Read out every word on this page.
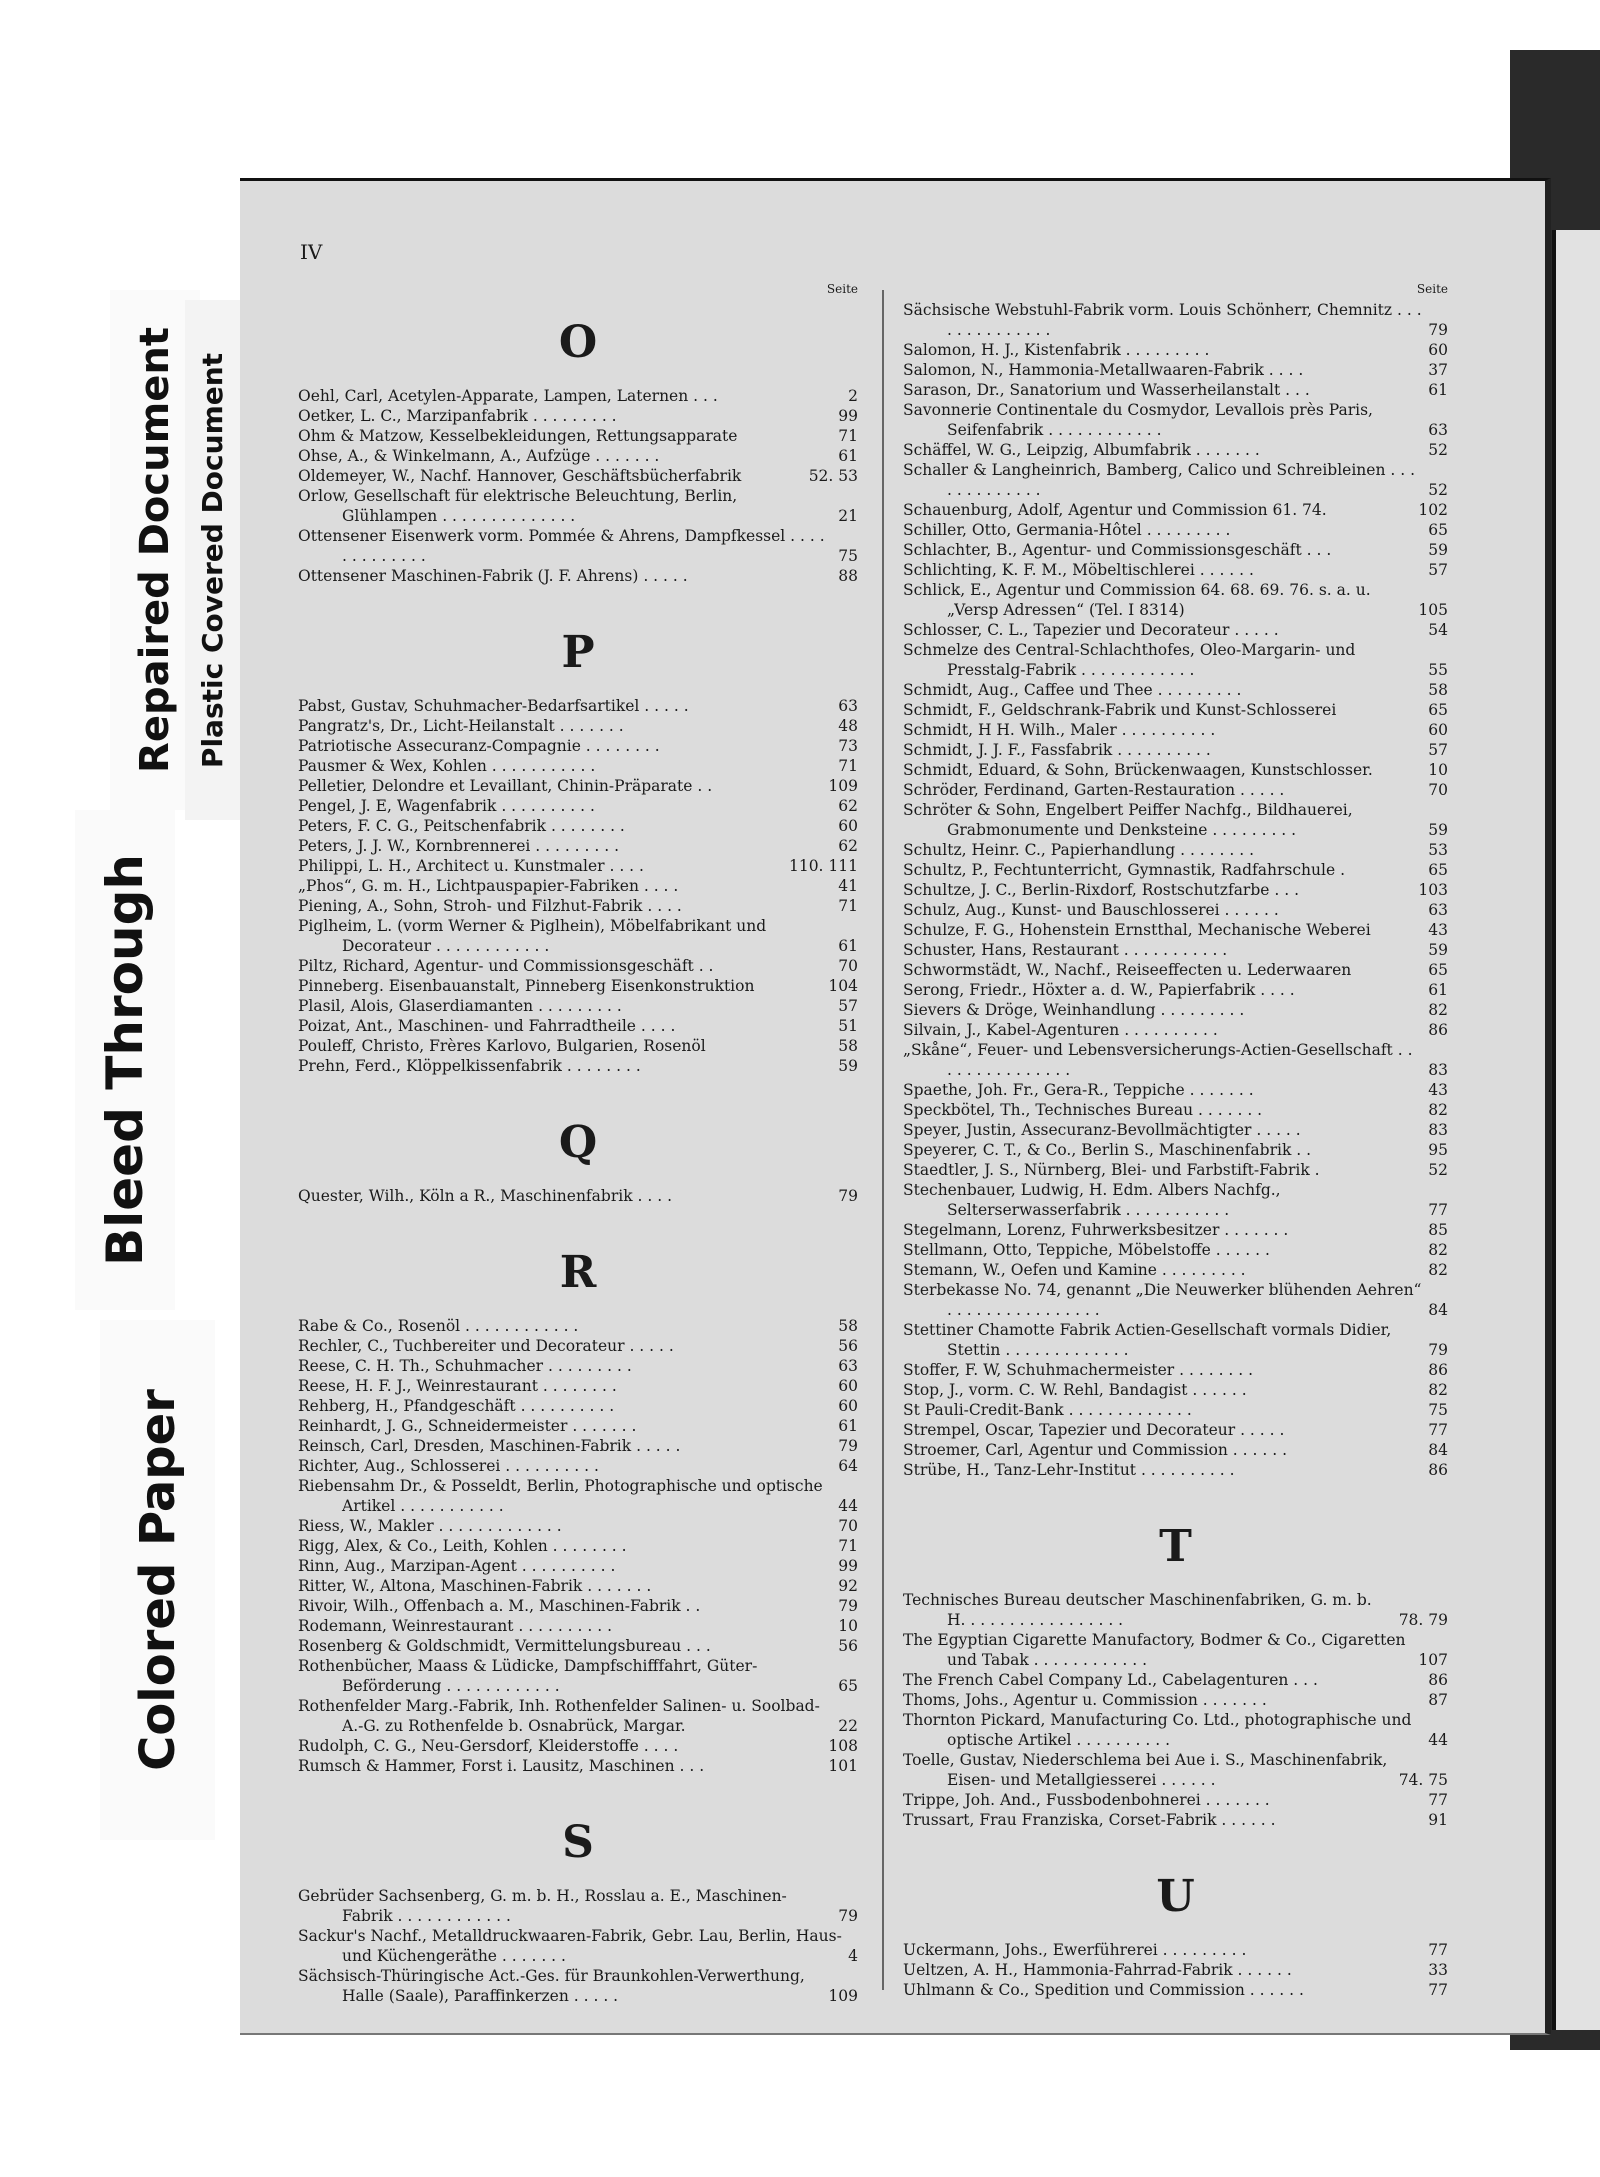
IV
Seite
O
Oehl, Carl, Acetylen-Apparate, Lampen, Laternen . . .	2
Oetker, L. C., Marzipanfabrik . . . . . . . . .	99
Ohm & Matzow, Kesselbekleidungen, Rettungsapparate	71
Ohse, A., & Winkelmann, A., Aufzüge . . . . . . .	61
Oldemeyer, W., Nachf. Hannover, Geschäftsbücherfabrik	52. 53
Orlow, Gesellschaft für elektrische Beleuchtung, Berlin, Glühlampen . . . . . . . . . . . . . .	21
Ottensener Eisenwerk vorm. Pommée & Ahrens, Dampfkessel . . . . . . . . . . . . .	75
Ottensener Maschinen-Fabrik (J. F. Ahrens) . . . . .	88
P
Pabst, Gustav, Schuhmacher-Bedarfsartikel . . . . .	63
Pangratz's, Dr., Licht-Heilanstalt . . . . . . .	48
Patriotische Assecuranz-Compagnie . . . . . . . .	73
Pausmer & Wex, Kohlen . . . . . . . . . . .	71
Pelletier, Delondre et Levaillant, Chinin-Präparate . .	109
Pengel, J. E, Wagenfabrik . . . . . . . . . .	62
Peters, F. C. G., Peitschenfabrik . . . . . . . .	60
Peters, J. J. W., Kornbrennerei . . . . . . . . .	62
Philippi, L. H., Architect u. Kunstmaler . . . .	110. 111
„Phos“, G. m. H., Lichtpauspapier-Fabriken . . . .	41
Piening, A., Sohn, Stroh- und Filzhut-Fabrik . . . .	71
Piglheim, L. (vorm Werner & Piglhein), Möbelfabrikant und Decorateur . . . . . . . . . . . .	61
Piltz, Richard, Agentur- und Commissionsgeschäft . .	70
Pinneberg. Eisenbauanstalt, Pinneberg Eisenkonstruktion	104
Plasil, Alois, Glaserdiamanten . . . . . . . . .	57
Poizat, Ant., Maschinen- und Fahrradtheile . . . .	51
Pouleff, Christo, Frères Karlovo, Bulgarien, Rosenöl	58
Prehn, Ferd., Klöppelkissenfabrik . . . . . . . .	59
Q
Quester, Wilh., Köln a R., Maschinenfabrik . . . .	79
R
Rabe & Co., Rosenöl . . . . . . . . . . . .	58
Rechler, C., Tuchbereiter und Decorateur . . . . .	56
Reese, C. H. Th., Schuhmacher . . . . . . . . .	63
Reese, H. F. J., Weinrestaurant . . . . . . . .	60
Rehberg, H., Pfandgeschäft . . . . . . . . . .	60
Reinhardt, J. G., Schneidermeister . . . . . . .	61
Reinsch, Carl, Dresden, Maschinen-Fabrik . . . . .	79
Richter, Aug., Schlosserei . . . . . . . . . .	64
Riebensahm Dr., & Posseldt, Berlin, Photographische und optische Artikel . . . . . . . . . . .	44
Riess, W., Makler . . . . . . . . . . . . .	70
Rigg, Alex, & Co., Leith, Kohlen . . . . . . . .	71
Rinn, Aug., Marzipan-Agent . . . . . . . . . .	99
Ritter, W., Altona, Maschinen-Fabrik . . . . . . .	92
Rivoir, Wilh., Offenbach a. M., Maschinen-Fabrik . .	79
Rodemann, Weinrestaurant . . . . . . . . . .	10
Rosenberg & Goldschmidt, Vermittelungsbureau . . .	56
Rothenbücher, Maass & Lüdicke, Dampfschifffahrt, Güter-Beförderung . . . . . . . . . . . .	65
Rothenfelder Marg.-Fabrik, Inh. Rothenfelder Salinen- u. Soolbad-A.-G. zu Rothenfelde b. Osnabrück, Margar.	22
Rudolph, C. G., Neu-Gersdorf, Kleiderstoffe . . . .	108
Rumsch & Hammer, Forst i. Lausitz, Maschinen . . .	101
S
Gebrüder Sachsenberg, G. m. b. H., Rosslau a. E., Maschinen-Fabrik . . . . . . . . . . . .	79
Sackur's Nachf., Metalldruckwaaren-Fabrik, Gebr. Lau, Berlin, Haus- und Küchengeräthe . . . . . . .	4
Sächsisch-Thüringische Act.-Ges. für Braunkohlen-Verwerthung, Halle (Saale), Paraffinkerzen . . . . .	109
Seite
Sächsische Webstuhl-Fabrik vorm. Louis Schönherr, Chemnitz . . . . . . . . . . . . . .	79
Salomon, H. J., Kistenfabrik . . . . . . . . .	60
Salomon, N., Hammonia-Metallwaaren-Fabrik . . . .	37
Sarason, Dr., Sanatorium und Wasserheilanstalt . . .	61
Savonnerie Continentale du Cosmydor, Levallois près Paris, Seifenfabrik . . . . . . . . . . . .	63
Schäffel, W. G., Leipzig, Albumfabrik . . . . . . .	52
Schaller & Langheinrich, Bamberg, Calico und Schreibleinen . . . . . . . . . . . . .	52
Schauenburg, Adolf, Agentur und Commission 61. 74.	102
Schiller, Otto, Germania-Hôtel . . . . . . . . .	65
Schlachter, B., Agentur- und Commissionsgeschäft . . .	59
Schlichting, K. F. M., Möbeltischlerei . . . . . .	57
Schlick, E., Agentur und Commission 64. 68. 69. 76. s. a. u. „Versp Adressen“ (Tel. I 8314)	105
Schlosser, C. L., Tapezier und Decorateur . . . . .	54
Schmelze des Central-Schlachthofes, Oleo-Margarin- und Presstalg-Fabrik . . . . . . . . . . . .	55
Schmidt, Aug., Caffee und Thee . . . . . . . . .	58
Schmidt, F., Geldschrank-Fabrik und Kunst-Schlosserei	65
Schmidt, H H. Wilh., Maler . . . . . . . . . .	60
Schmidt, J. J. F., Fassfabrik . . . . . . . . . .	57
Schmidt, Eduard, & Sohn, Brückenwaagen, Kunstschlosser.	10
Schröder, Ferdinand, Garten-Restauration . . . . .	70
Schröter & Sohn, Engelbert Peiffer Nachfg., Bildhauerei, Grabmonumente und Denksteine . . . . . . . . .	59
Schultz, Heinr. C., Papierhandlung . . . . . . . .	53
Schultz, P., Fechtunterricht, Gymnastik, Radfahrschule .	65
Schultze, J. C., Berlin-Rixdorf, Rostschutzfarbe . . .	103
Schulz, Aug., Kunst- und Bauschlosserei . . . . . .	63
Schulze, F. G., Hohenstein Ernstthal, Mechanische Weberei	43
Schuster, Hans, Restaurant . . . . . . . . . . .	59
Schwormstädt, W., Nachf., Reiseeffecten u. Lederwaaren	65
Serong, Friedr., Höxter a. d. W., Papierfabrik . . . .	61
Sievers & Dröge, Weinhandlung . . . . . . . . .	82
Silvain, J., Kabel-Agenturen . . . . . . . . . .	86
„Skåne“, Feuer- und Lebensversicherungs-Actien-Gesellschaft . . . . . . . . . . . . . . .	83
Spaethe, Joh. Fr., Gera-R., Teppiche . . . . . . .	43
Speckbötel, Th., Technisches Bureau . . . . . . .	82
Speyer, Justin, Assecuranz-Bevollmächtigter . . . . .	83
Speyerer, C. T., & Co., Berlin S., Maschinenfabrik . .	95
Staedtler, J. S., Nürnberg, Blei- und Farbstift-Fabrik .	52
Stechenbauer, Ludwig, H. Edm. Albers Nachfg., Selterserwasserfabrik . . . . . . . . . . .	77
Stegelmann, Lorenz, Fuhrwerksbesitzer . . . . . . .	85
Stellmann, Otto, Teppiche, Möbelstoffe . . . . . .	82
Stemann, W., Oefen und Kamine . . . . . . . . .	82
Sterbekasse No. 74, genannt „Die Neuwerker blühenden Aehren“ . . . . . . . . . . . . . . . .	84
Stettiner Chamotte Fabrik Actien-Gesellschaft vormals Didier, Stettin . . . . . . . . . . . . .	79
Stoffer, F. W, Schuhmachermeister . . . . . . . .	86
Stop, J., vorm. C. W. Rehl, Bandagist . . . . . .	82
St Pauli-Credit-Bank . . . . . . . . . . . . .	75
Strempel, Oscar, Tapezier und Decorateur . . . . .	77
Stroemer, Carl, Agentur und Commission . . . . . .	84
Strübe, H., Tanz-Lehr-Institut . . . . . . . . . .	86
T
Technisches Bureau deutscher Maschinenfabriken, G. m. b. H. . . . . . . . . . . . . . . . .	78. 79
The Egyptian Cigarette Manufactory, Bodmer & Co., Cigaretten und Tabak . . . . . . . . . . . .	107
The French Cabel Company Ld., Cabelagenturen . . .	86
Thoms, Johs., Agentur u. Commission . . . . . . .	87
Thornton Pickard, Manufacturing Co. Ltd., photographische und optische Artikel . . . . . . . . . .	44
Toelle, Gustav, Niederschlema bei Aue i. S., Maschinenfabrik, Eisen- und Metallgiesserei . . . . . .	74. 75
Trippe, Joh. And., Fussbodenbohnerei . . . . . . .	77
Trussart, Frau Franziska, Corset-Fabrik . . . . . .	91
U
Uckermann, Johs., Ewerführerei . . . . . . . . .	77
Ueltzen, A. H., Hammonia-Fahrrad-Fabrik . . . . . .	33
Uhlmann & Co., Spedition und Commission . . . . . .	77
Repaired Document Plastic Covered Document
Bleed Through
Colored Paper
